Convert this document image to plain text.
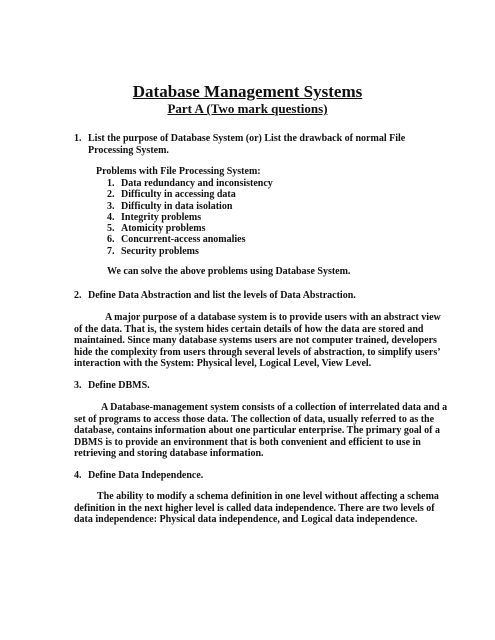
Database Management Systems
Part A (Two mark questions)
1. List the purpose of Database System (or) List the drawback of normal File
Processing System.
Problems with File Processing System:
1. Data redundancy and inconsistency
2. Difficulty in accessing data
3. Difficulty in data isolation
4. Integrity problems
5. Atomicity problems
6. Concurrent-access anomalies
7. Security problems
We can solve the above problems using Database System.
2. Define Data Abstraction and list the levels of Data Abstraction.
A major purpose of a database system is to provide users with an abstract view
of the data. That is, the system hides certain details of how the data are stored and
maintained. Since many database systems users are not computer trained, developers
hide the complexity from users through several levels of abstraction, to simplify users’
interaction with the System: Physical level, Logical Level, View Level.
3. Define DBMS.
A Database-management system consists of a collection of interrelated data and a
set of programs to access those data. The collection of data, usually referred to as the
database, contains information about one particular enterprise. The primary goal of a
DBMS is to provide an environment that is both convenient and efficient to use in
retrieving and storing database information.
4. Define Data Independence.
The ability to modify a schema definition in one level without affecting a schema
definition in the next higher level is called data independence. There are two levels of
data independence: Physical data independence, and Logical data independence.
